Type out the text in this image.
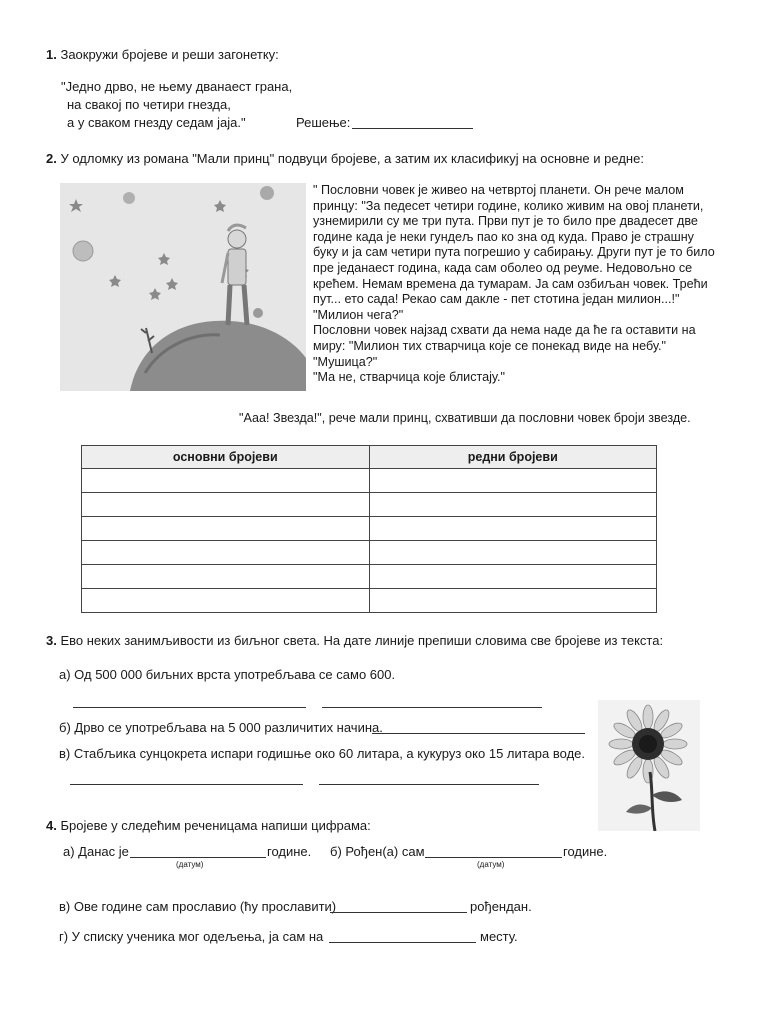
1. Заокружи бројеве и реши загонетку:
"Једно дрво, не њему дванаест грана,
на свакој по четири гнезда,
а у сваком гнезду седам јаја."	Решење:
2. У одломку из романа "Мали принц" подвуци бројеве, а затим их класификуј на основне и редне:
" Пословни човек је живео на четвртој планети. Он рече малом
принцу: "За педесет четири године, колико живим на овој планети,
узнемирили су ме три пута. Први пут је то било пре двадесет две
године када је неки гундељ пао ко зна од куда. Право је страшну
буку и ја сам четири пута погрешио у сабирању. Други пут је то било
пре једанаест година, када сам оболео од реуме. Недовољно се
крећем. Немам времена да тумарам. Ја сам озбиљан човек. Трећи
пут... ето сада! Рекао сам дакле - пет стотина један милион...!"
"Милион чега?"
Пословни човек најзад схвати да нема наде да ће га оставити на
миру: "Милион тих стварчица које се понекад виде на небу."
"Мушица?"
"Ма не, стварчица које блистају."
"Ааа! Звезда!", рече мали принц, схвативши да пословни човек броји звезде.
основни бројеви	редни бројеви

3. Ево неких занимљивости из биљног света. На дате линије препиши словима све бројеве из текста:
а) Од 500 000 биљних врста употребљава се само 600.
б) Дрво се употребљава на 5 000 различитих начина.
в) Стабљика сунцокрета испари годишње око 60 литара, а кукуруз око 15 литара воде.
4. Бројеве у следећим реченицама напиши цифрама:
а) Данас је	године.
(датум)
б) Рођен(а) сам	године.
(датум)
в) Ове године сам прославио (ћу прославити)	рођендан.
г) У списку ученика мог одељења, ја сам на	месту.
